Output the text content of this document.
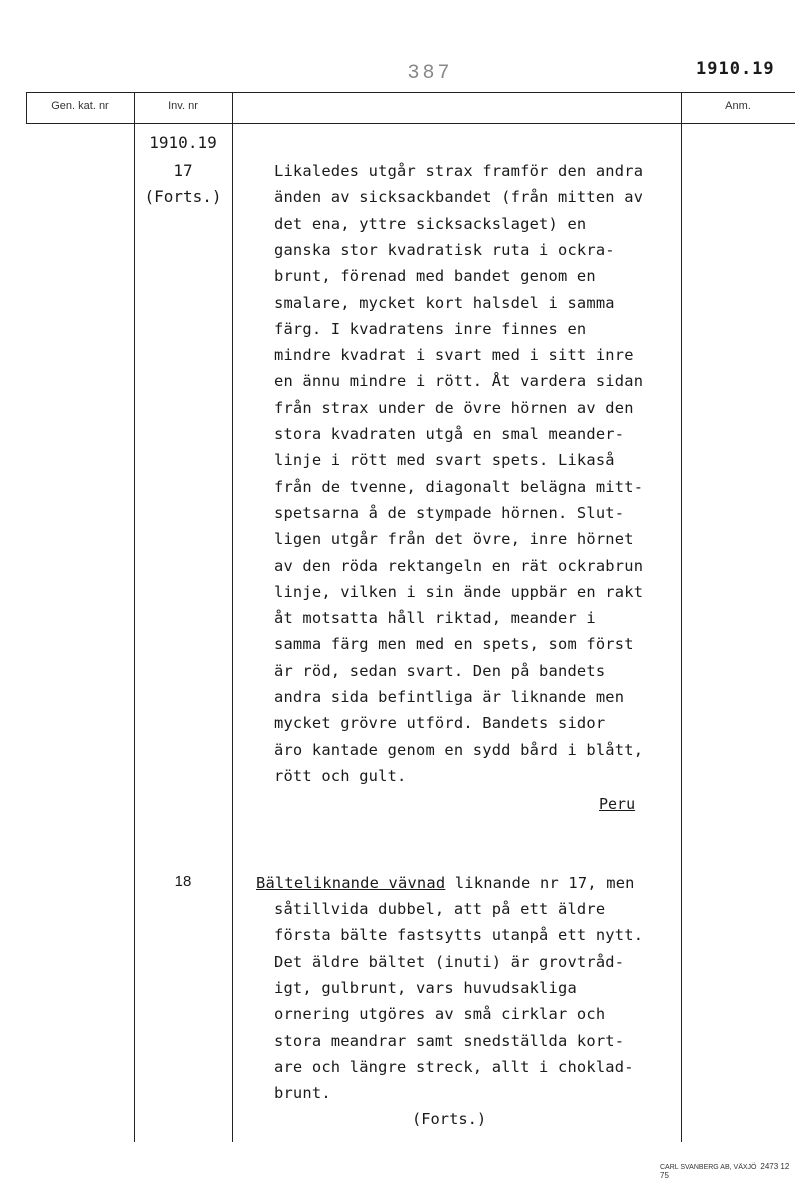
387	1910.19
Gen. kat. nr	Inv. nr	Anm.
1910.19
17
(Forts.)
Likaledes utgår strax framför den andra
änden av sicksackbandet (från mitten av
det ena, yttre sicksackslaget) en
ganska stor kvadratisk ruta i ockra-
brunt, förenad med bandet genom en
smalare, mycket kort halsdel i samma
färg. I kvadratens inre finnes en
mindre kvadrat i svart med i sitt inre
en ännu mindre i rött. Åt vardera sidan
från strax under de övre hörnen av den
stora kvadraten utgå en smal meander-
linje i rött med svart spets. Likaså
från de tvenne, diagonalt belägna mitt-
spetsarna å de stympade hörnen. Slut-
ligen utgår från det övre, inre hörnet
av den röda rektangeln en rät ockrabrun
linje, vilken i sin ände uppbär en rakt
åt motsatta håll riktad, meander i
samma färg men med en spets, som först
är röd, sedan svart. Den på bandets
andra sida befintliga är liknande men
mycket grövre utförd. Bandets sidor
äro kantade genom en sydd bård i blått,
rött och gult.
Peru
18	Bälteliknande vävnad liknande nr 17, men
såtillvida dubbel, att på ett äldre
första bälte fastsytts utanpå ett nytt.
Det äldre bältet (inuti) är grovtråd-
igt, gulbrunt, vars huvudsakliga
ornering utgöres av små cirklar och
stora meandrar samt snedställda kort-
are och längre streck, allt i choklad-
brunt.
(Forts.)
CARL SVANBERG AB, VÄXJÖ 2473 12 75
